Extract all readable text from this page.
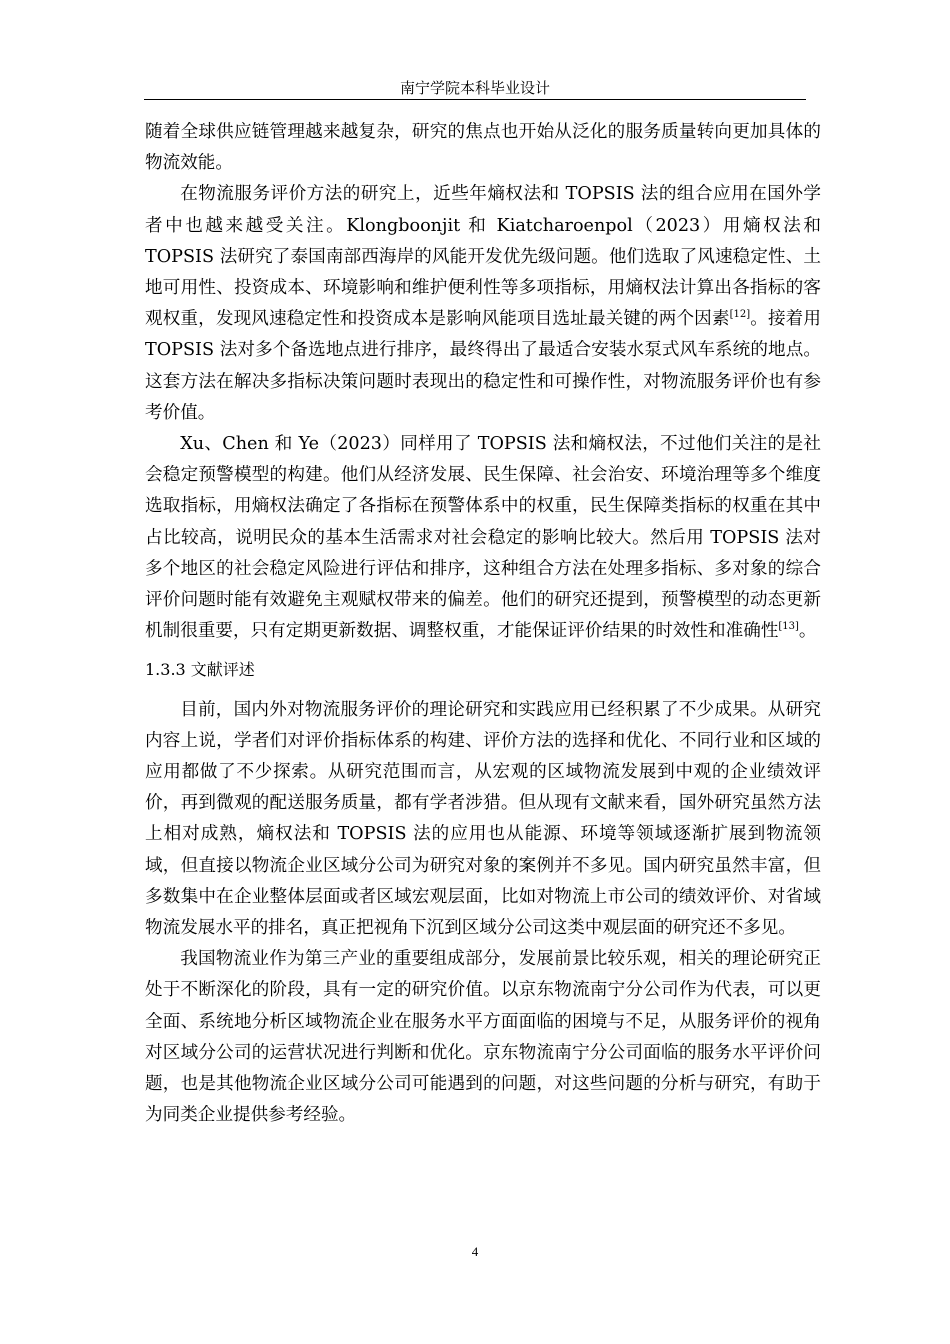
南宁学院本科毕业设计

随着全球供应链管理越来越复杂，研究的焦点也开始从泛化的服务质量转向更加具体的物流效能。

在物流服务评价方法的研究上，近些年熵权法和 TOPSIS 法的组合应用在国外学者中也越来越受关注。Klongboonjit 和 Kiatcharoenpol（2023）用熵权法和 TOPSIS 法研究了泰国南部西海岸的风能开发优先级问题。他们选取了风速稳定性、土地可用性、投资成本、环境影响和维护便利性等多项指标，用熵权法计算出各指标的客观权重，发现风速稳定性和投资成本是影响风能项目选址最关键的两个因素[12]。接着用 TOPSIS 法对多个备选地点进行排序，最终得出了最适合安装水泵式风车系统的地点。这套方法在解决多指标决策问题时表现出的稳定性和可操作性，对物流服务评价也有参考价值。

Xu、Chen 和 Ye（2023）同样用了 TOPSIS 法和熵权法，不过他们关注的是社会稳定预警模型的构建。他们从经济发展、民生保障、社会治安、环境治理等多个维度选取指标，用熵权法确定了各指标在预警体系中的权重，民生保障类指标的权重在其中占比较高，说明民众的基本生活需求对社会稳定的影响比较大。然后用 TOPSIS 法对多个地区的社会稳定风险进行评估和排序，这种组合方法在处理多指标、多对象的综合评价问题时能有效避免主观赋权带来的偏差。他们的研究还提到，预警模型的动态更新机制很重要，只有定期更新数据、调整权重，才能保证评价结果的时效性和准确性[13]。

1.3.3 文献评述

目前，国内外对物流服务评价的理论研究和实践应用已经积累了不少成果。从研究内容上说，学者们对评价指标体系的构建、评价方法的选择和优化、不同行业和区域的应用都做了不少探索。从研究范围而言，从宏观的区域物流发展到中观的企业绩效评价，再到微观的配送服务质量，都有学者涉猎。但从现有文献来看，国外研究虽然方法上相对成熟，熵权法和 TOPSIS 法的应用也从能源、环境等领域逐渐扩展到物流领域，但直接以物流企业区域分公司为研究对象的案例并不多见。国内研究虽然丰富，但多数集中在企业整体层面或者区域宏观层面，比如对物流上市公司的绩效评价、对省域物流发展水平的排名，真正把视角下沉到区域分公司这类中观层面的研究还不多见。

我国物流业作为第三产业的重要组成部分，发展前景比较乐观，相关的理论研究正处于不断深化的阶段，具有一定的研究价值。以京东物流南宁分公司作为代表，可以更全面、系统地分析区域物流企业在服务水平方面面临的困境与不足，从服务评价的视角对区域分公司的运营状况进行判断和优化。京东物流南宁分公司面临的服务水平评价问题，也是其他物流企业区域分公司可能遇到的问题，对这些问题的分析与研究，有助于为同类企业提供参考经验。

4
